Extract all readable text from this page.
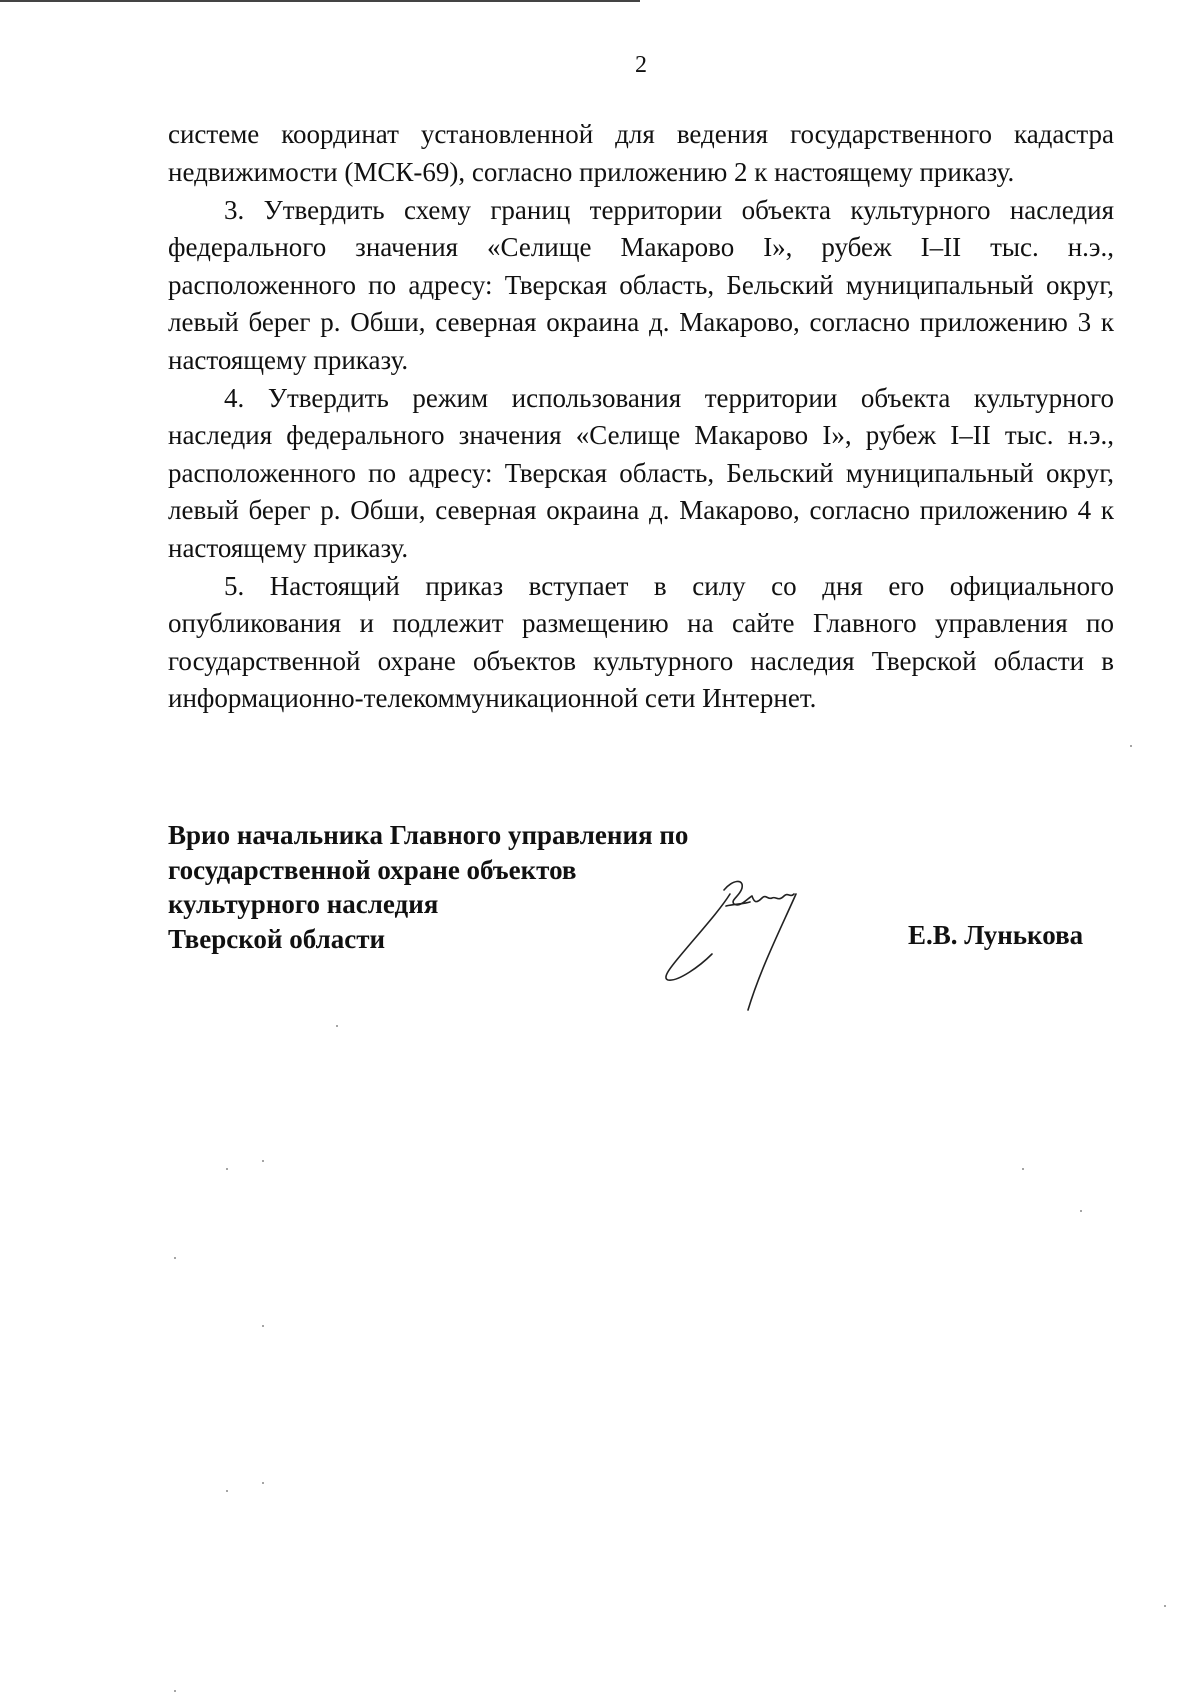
2

системе координат установленной для ведения государственного кадастра недвижимости (МСК-69), согласно приложению 2 к настоящему приказу.

3. Утвердить схему границ территории объекта культурного наследия федерального значения «Селище Макарово I», рубеж I–II тыс. н.э., расположенного по адресу: Тверская область, Бельский муниципальный округ, левый берег р. Обши, северная окраина д. Макарово, согласно приложению 3 к настоящему приказу.

4. Утвердить режим использования территории объекта культурного наследия федерального значения «Селище Макарово I», рубеж I–II тыс. н.э., расположенного по адресу: Тверская область, Бельский муниципальный округ, левый берег р. Обши, северная окраина д. Макарово, согласно приложению 4 к настоящему приказу.

5. Настоящий приказ вступает в силу со дня его официального опубликования и подлежит размещению на сайте Главного управления по государственной охране объектов культурного наследия Тверской области в информационно-телекоммуникационной сети Интернет.

Врио начальника Главного управления по
государственной охране объектов
культурного наследия
Тверской области	Е.В. Лунькова
